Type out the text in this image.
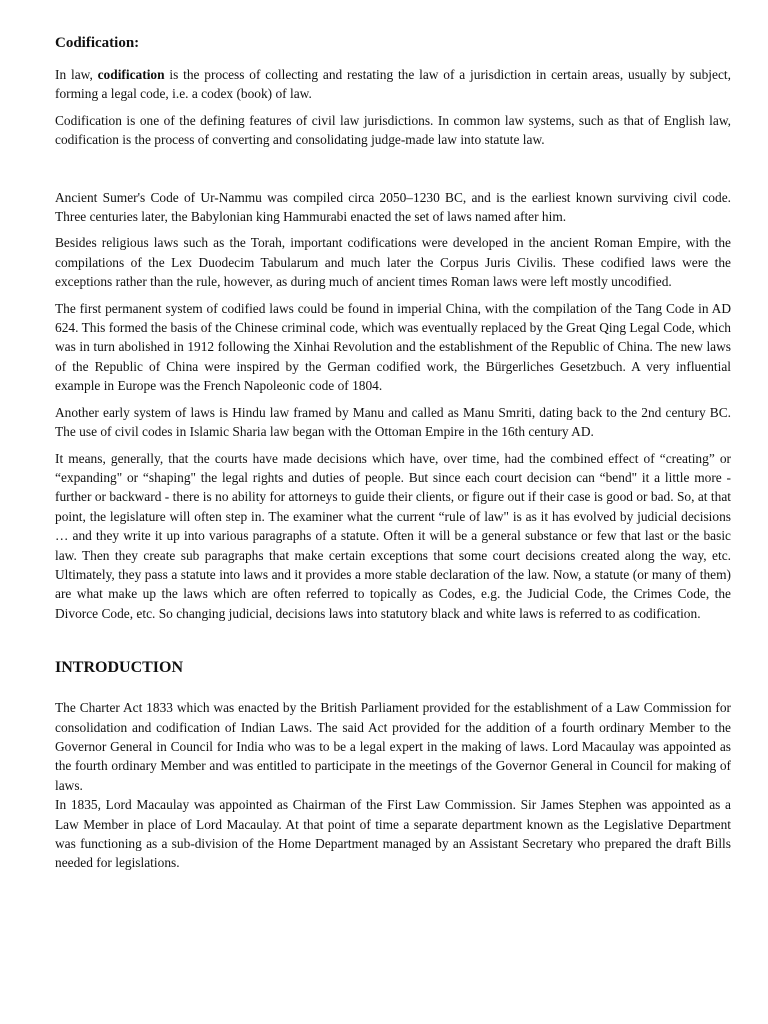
Codification:

In law, codification is the process of collecting and restating the law of a jurisdiction in certain areas, usually by subject, forming a legal code, i.e. a codex (book) of law.

Codification is one of the defining features of civil law jurisdictions. In common law systems, such as that of English law, codification is the process of converting and consolidating judge-made law into statute law.

Ancient Sumer's Code of Ur-Nammu was compiled circa 2050–1230 BC, and is the earliest known surviving civil code. Three centuries later, the Babylonian king Hammurabi enacted the set of laws named after him.

Besides religious laws such as the Torah, important codifications were developed in the ancient Roman Empire, with the compilations of the Lex Duodecim Tabularum and much later the Corpus Juris Civilis. These codified laws were the exceptions rather than the rule, however, as during much of ancient times Roman laws were left mostly uncodified.

The first permanent system of codified laws could be found in imperial China, with the compilation of the Tang Code in AD 624. This formed the basis of the Chinese criminal code, which was eventually replaced by the Great Qing Legal Code, which was in turn abolished in 1912 following the Xinhai Revolution and the establishment of the Republic of China. The new laws of the Republic of China were inspired by the German codified work, the Bürgerliches Gesetzbuch. A very influential example in Europe was the French Napoleonic code of 1804.

Another early system of laws is Hindu law framed by Manu and called as Manu Smriti, dating back to the 2nd century BC. The use of civil codes in Islamic Sharia law began with the Ottoman Empire in the 16th century AD.

It means, generally, that the courts have made decisions which have, over time, had the combined effect of “creating” or “expanding" or “shaping" the legal rights and duties of people. But since each court decision can “bend" it a little more - further or backward - there is no ability for attorneys to guide their clients, or figure out if their case is good or bad. So, at that point, the legislature will often step in. The examiner what the current “rule of law" is as it has evolved by judicial decisions … and they write it up into various paragraphs of a statute. Often it will be a general substance or few that last or the basic law. Then they create sub paragraphs that make certain exceptions that some court decisions created along the way, etc. Ultimately, they pass a statute into laws and it provides a more stable declaration of the law. Now, a statute (or many of them) are what make up the laws which are often referred to topically as Codes, e.g. the Judicial Code, the Crimes Code, the Divorce Code, etc. So changing judicial, decisions laws into statutory black and white laws is referred to as codification.

INTRODUCTION

The Charter Act 1833 which was enacted by the British Parliament provided for the establishment of a Law Commission for consolidation and codification of Indian Laws. The said Act provided for the addition of a fourth ordinary Member to the Governor General in Council for India who was to be a legal expert in the making of laws. Lord Macaulay was appointed as the fourth ordinary Member and was entitled to participate in the meetings of the Governor General in Council for making of laws.

In 1835, Lord Macaulay was appointed as Chairman of the First Law Commission. Sir James Stephen was appointed as a Law Member in place of Lord Macaulay. At that point of time a separate department known as the Legislative Department was functioning as a sub-division of the Home Department managed by an Assistant Secretary who prepared the draft Bills needed for legislations.
